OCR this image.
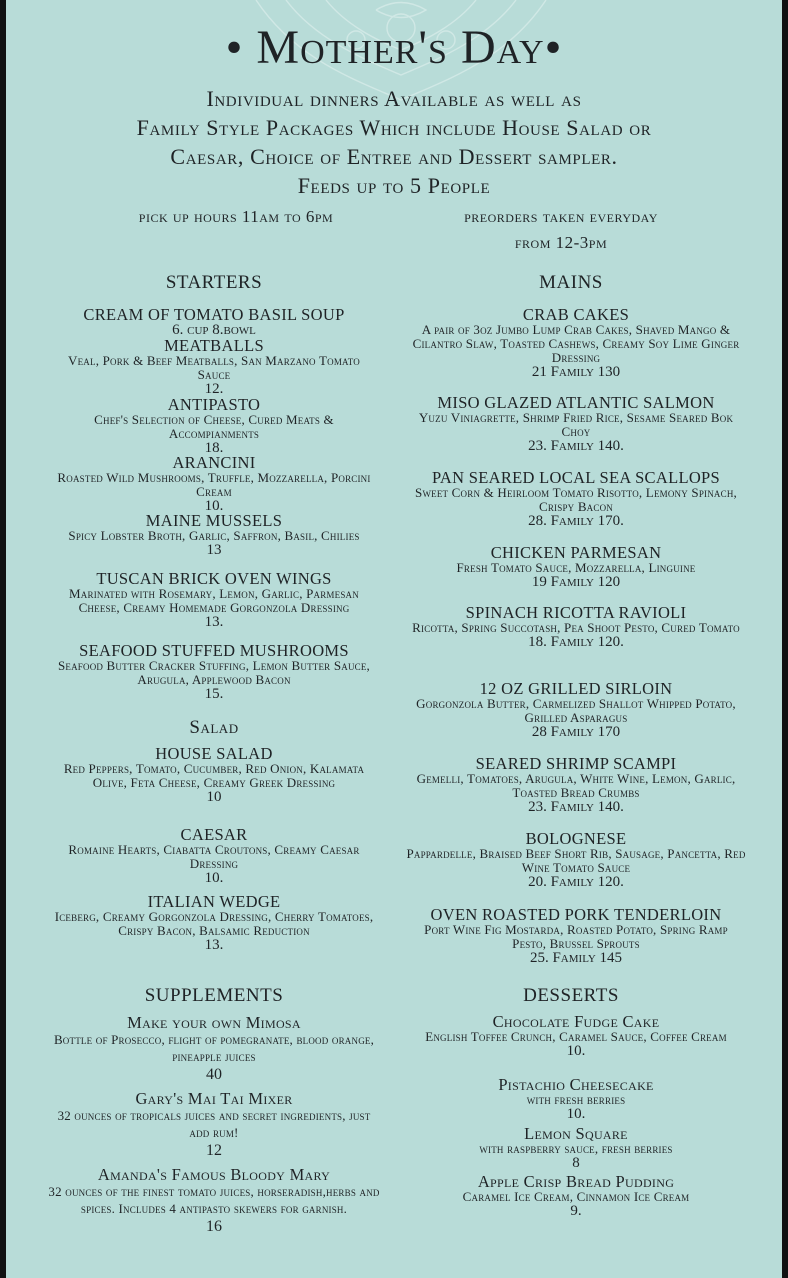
• Mother's Day•
Individual dinners Available as well as
Family Style Packages Which include House Salad or
Caesar, Choice of Entree and Dessert sampler.
Feeds up to 5 People
pick up hours 11am to 6pm	preorders taken everyday
from 12-3pm
STARTERS
Salad
SUPPLEMENTS
MAINS
DESSERTS
CREAM OF TOMATO BASIL SOUP
6. cup 8.bowl
MEATBALLS
Veal, Pork & Beef Meatballs, San Marzano Tomato Sauce
12.
ANTIPASTO
Chef's Selection of Cheese, Cured Meats & Accompianments
18.
ARANCINI
Roasted Wild Mushrooms, Truffle, Mozzarella, Porcini Cream
10.
MAINE MUSSELS
Spicy Lobster Broth, Garlic, Saffron, Basil, Chilies
13
TUSCAN BRICK OVEN WINGS
Marinated with Rosemary, Lemon, Garlic, Parmesan Cheese, Creamy Homemade Gorgonzola Dressing
13.
SEAFOOD STUFFED MUSHROOMS
Seafood Butter Cracker Stuffing, Lemon Butter Sauce, Arugula, Applewood Bacon
15.
HOUSE SALAD
Red Peppers, Tomato, Cucumber, Red Onion, Kalamata Olive, Feta Cheese, Creamy Greek Dressing
10
CAESAR
Romaine Hearts, Ciabatta Croutons, Creamy Caesar Dressing
10.
ITALIAN WEDGE
Iceberg, Creamy Gorgonzola Dressing, Cherry Tomatoes, Crispy Bacon, Balsamic Reduction
13.
Make your own Mimosa
Bottle of Prosecco, flight of pomegranate, blood orange, pineapple juices
40
Gary's Mai Tai Mixer
32 ounces of tropicals juices and secret ingredients, just add rum!
12
Amanda's Famous Bloody Mary
32 ounces of the finest tomato juices, horseradish,herbs and spices. Includes 4 antipasto skewers for garnish.
16
CRAB CAKES
A pair of 3oz Jumbo Lump Crab Cakes, Shaved Mango & Cilantro Slaw, Toasted Cashews, Creamy Soy Lime Ginger Dressing
21 Family 130
MISO GLAZED ATLANTIC SALMON
Yuzu Viniagrette, Shrimp Fried Rice, Sesame Seared Bok Choy
23. Family 140.
PAN SEARED LOCAL SEA SCALLOPS
Sweet Corn & Heirloom Tomato Risotto, Lemony Spinach, Crispy Bacon
28. Family 170.
CHICKEN PARMESAN
Fresh Tomato Sauce, Mozzarella, Linguine
19 Family 120
SPINACH RICOTTA RAVIOLI
Ricotta, Spring Succotash, Pea Shoot Pesto, Cured Tomato
18. Family 120.
12 OZ GRILLED SIRLOIN
Gorgonzola Butter, Carmelized Shallot Whipped Potato, Grilled Asparagus
28 Family 170
SEARED SHRIMP SCAMPI
Gemelli, Tomatoes, Arugula, White Wine, Lemon, Garlic, Toasted Bread Crumbs
23. Family 140.
BOLOGNESE
Pappardelle, Braised Beef Short Rib, Sausage, Pancetta, Red Wine Tomato Sauce
20. Family 120.
OVEN ROASTED PORK TENDERLOIN
Port Wine Fig Mostarda, Roasted Potato, Spring Ramp Pesto, Brussel Sprouts
25. Family 145
Chocolate Fudge Cake
English Toffee Crunch, Caramel Sauce, Coffee Cream
10.
Pistachio Cheesecake
with fresh berries
10.
Lemon Square
with raspberry sauce, fresh berries
8
Apple Crisp Bread Pudding
Caramel Ice Cream, Cinnamon Ice Cream
9.
